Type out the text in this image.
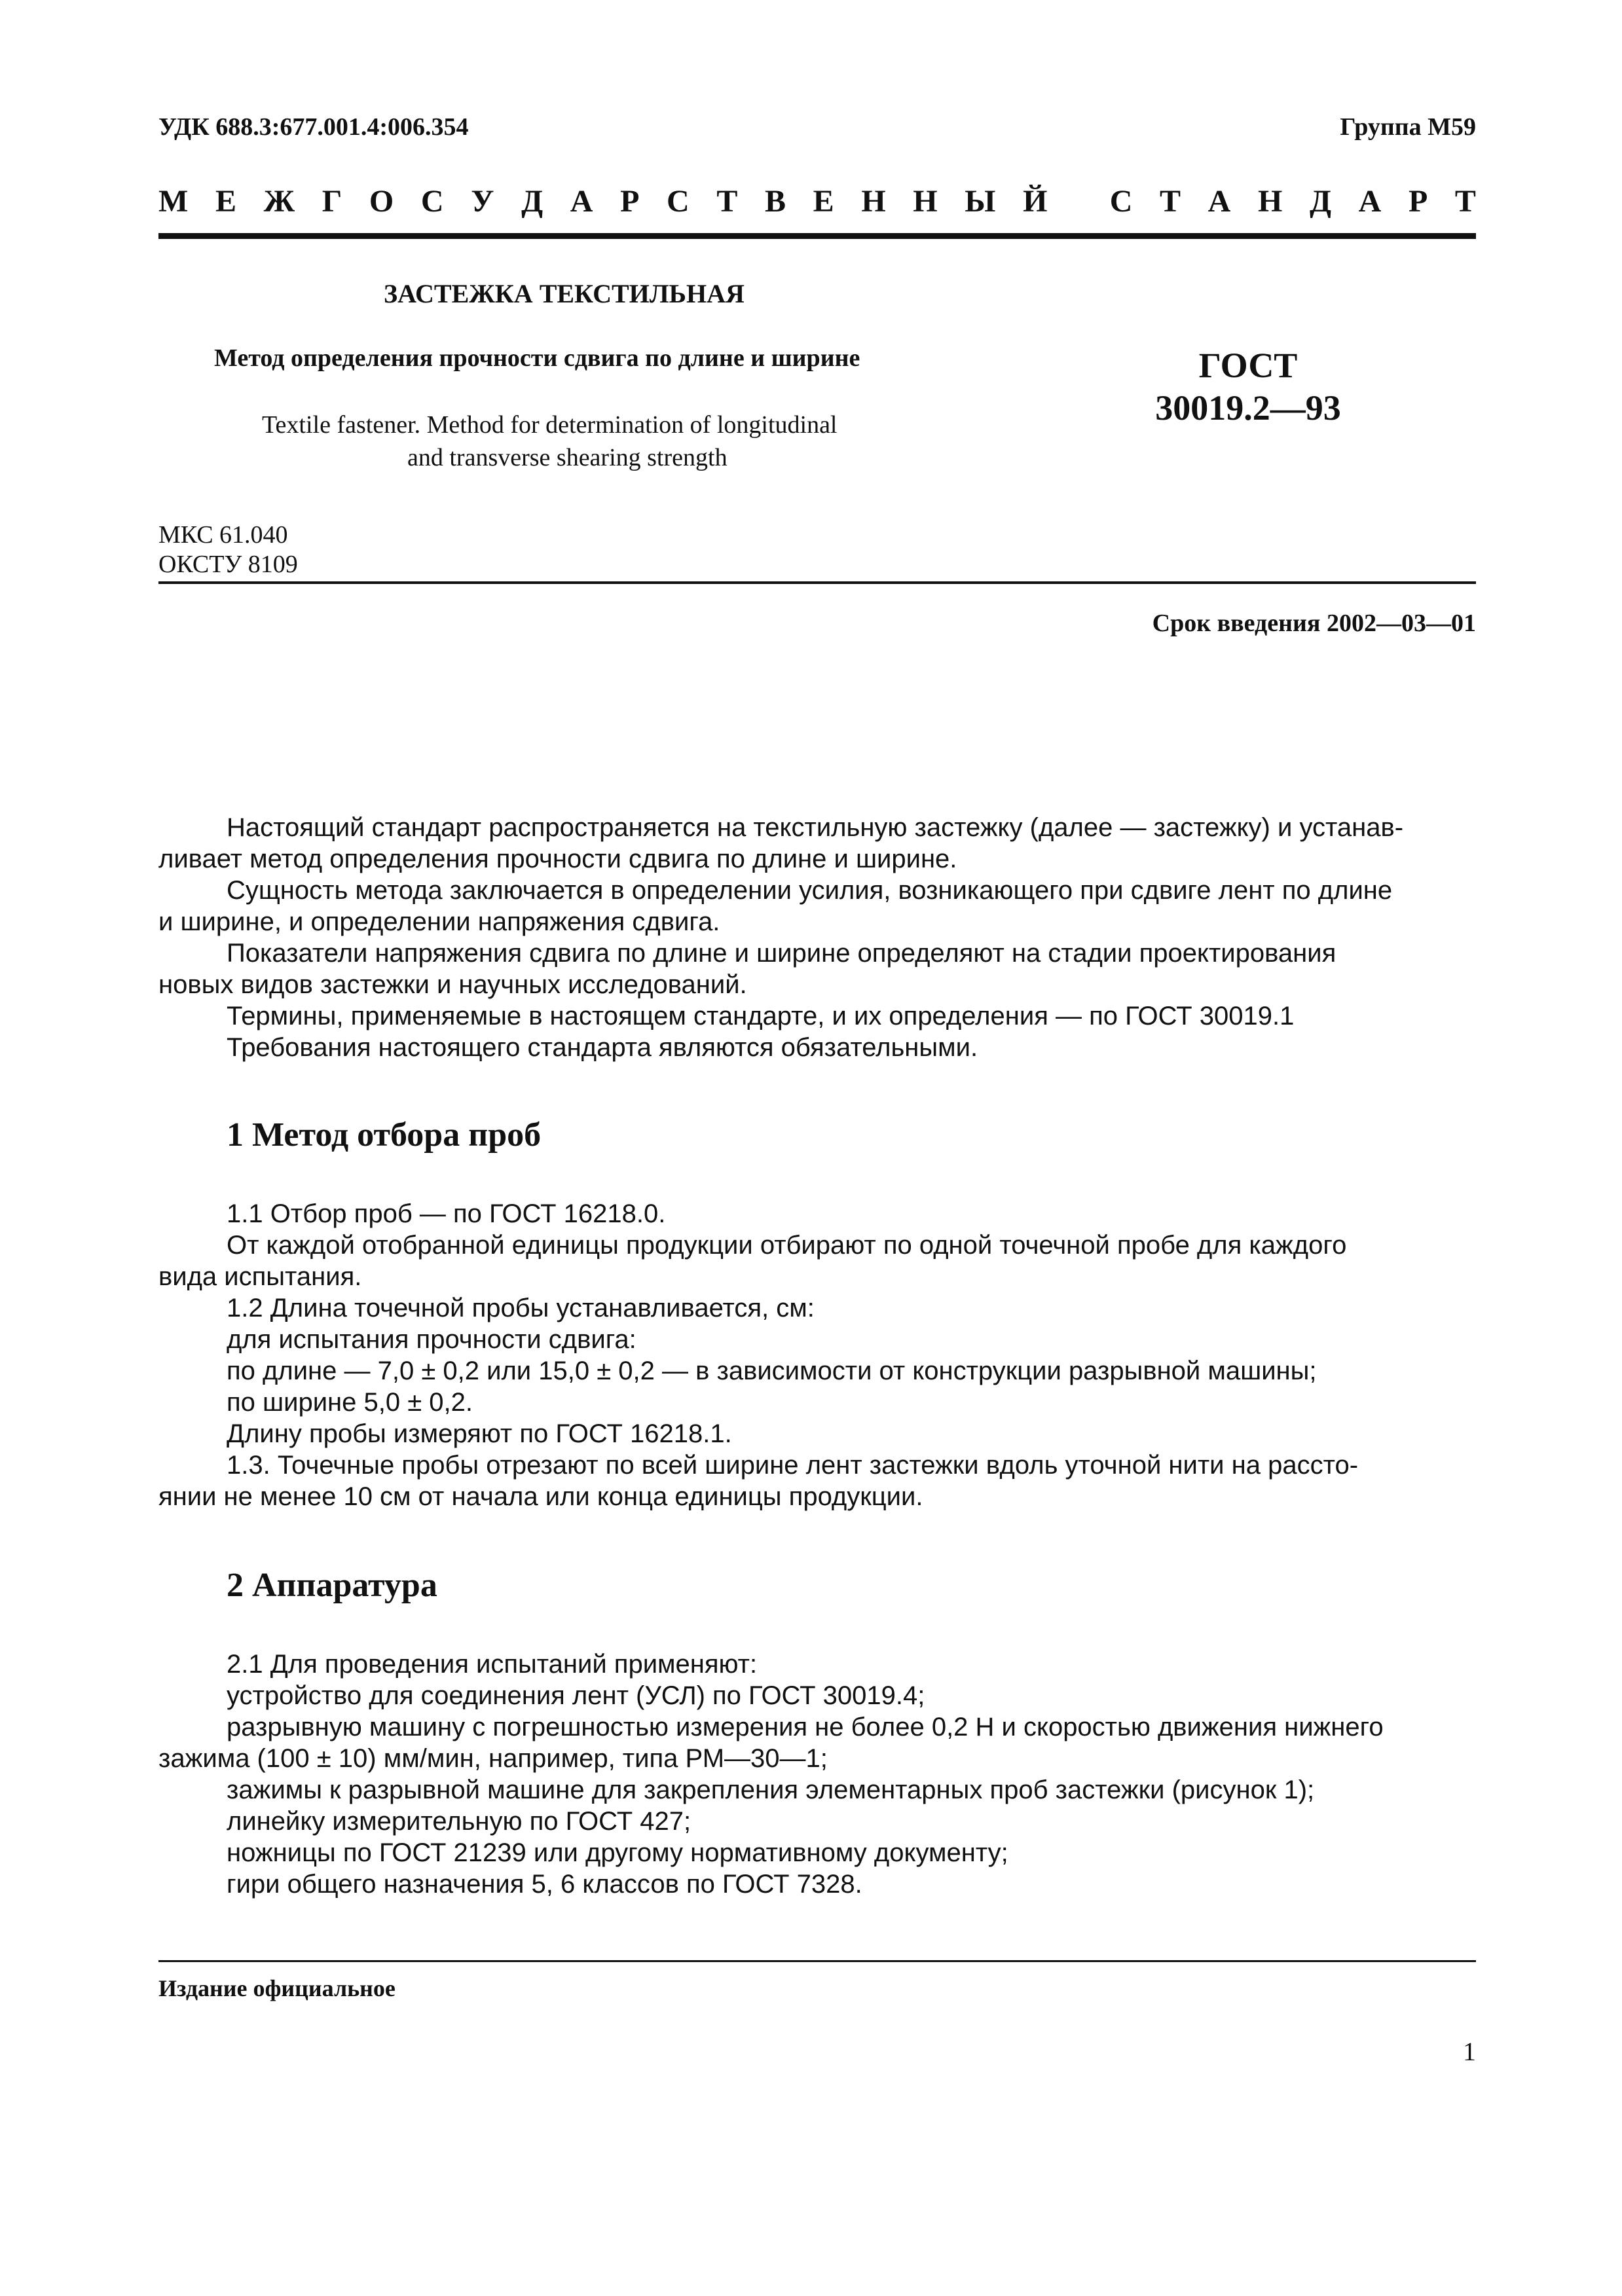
УДК 688.3:677.001.4:006.354	Группа М59
М Е Ж Г О С У Д А Р С Т В Е Н Н Ы Й
С Т А Н Д А Р Т
ЗАСТЕЖКА ТЕКСТИЛЬНАЯ
Метод определения прочности сдвига по длине и ширине
Textile fastener. Method for determination of longitudinal
and transverse shearing strength
ГОСТ
30019.2—93
МКС 61.040
ОКСТУ 8109
Срок введения 2002—03—01
Настоящий стандарт распространяется на текстильную застежку (далее — застежку) и устанав-
ливает метод определения прочности сдвига по длине и ширине.
Сущность метода заключается в определении усилия, возникающего при сдвиге лент по длине
и ширине, и определении напряжения сдвига.
Показатели напряжения сдвига по длине и ширине определяют на стадии проектирования
новых видов застежки и научных исследований.
Термины, применяемые в настоящем стандарте, и их определения — по ГОСТ 30019.1
Требования настоящего стандарта являются обязательными.
1 Метод отбора проб
1.1 Отбор проб — по ГОСТ 16218.0.
От каждой отобранной единицы продукции отбирают по одной точечной пробе для каждого
вида испытания.
1.2 Длина точечной пробы устанавливается, см:
для испытания прочности сдвига:
по длине — 7,0 ± 0,2 или 15,0 ± 0,2 — в зависимости от конструкции разрывной машины;
по ширине 5,0 ± 0,2.
Длину пробы измеряют по ГОСТ 16218.1.
1.3. Точечные пробы отрезают по всей ширине лент застежки вдоль уточной нити на рассто-
янии не менее 10 см от начала или конца единицы продукции.
2 Аппаратура
2.1 Для проведения испытаний применяют:
устройство для соединения лент (УСЛ) по ГОСТ 30019.4;
разрывную машину с погрешностью измерения не более 0,2 Н и скоростью движения нижнего
зажима (100 ± 10) мм/мин, например, типа РМ—30—1;
зажимы к разрывной машине для закрепления элементарных проб застежки (рисунок 1);
линейку измерительную по ГОСТ 427;
ножницы по ГОСТ 21239 или другому нормативному документу;
гири общего назначения 5, 6 классов по ГОСТ 7328.
Издание официальное
1
